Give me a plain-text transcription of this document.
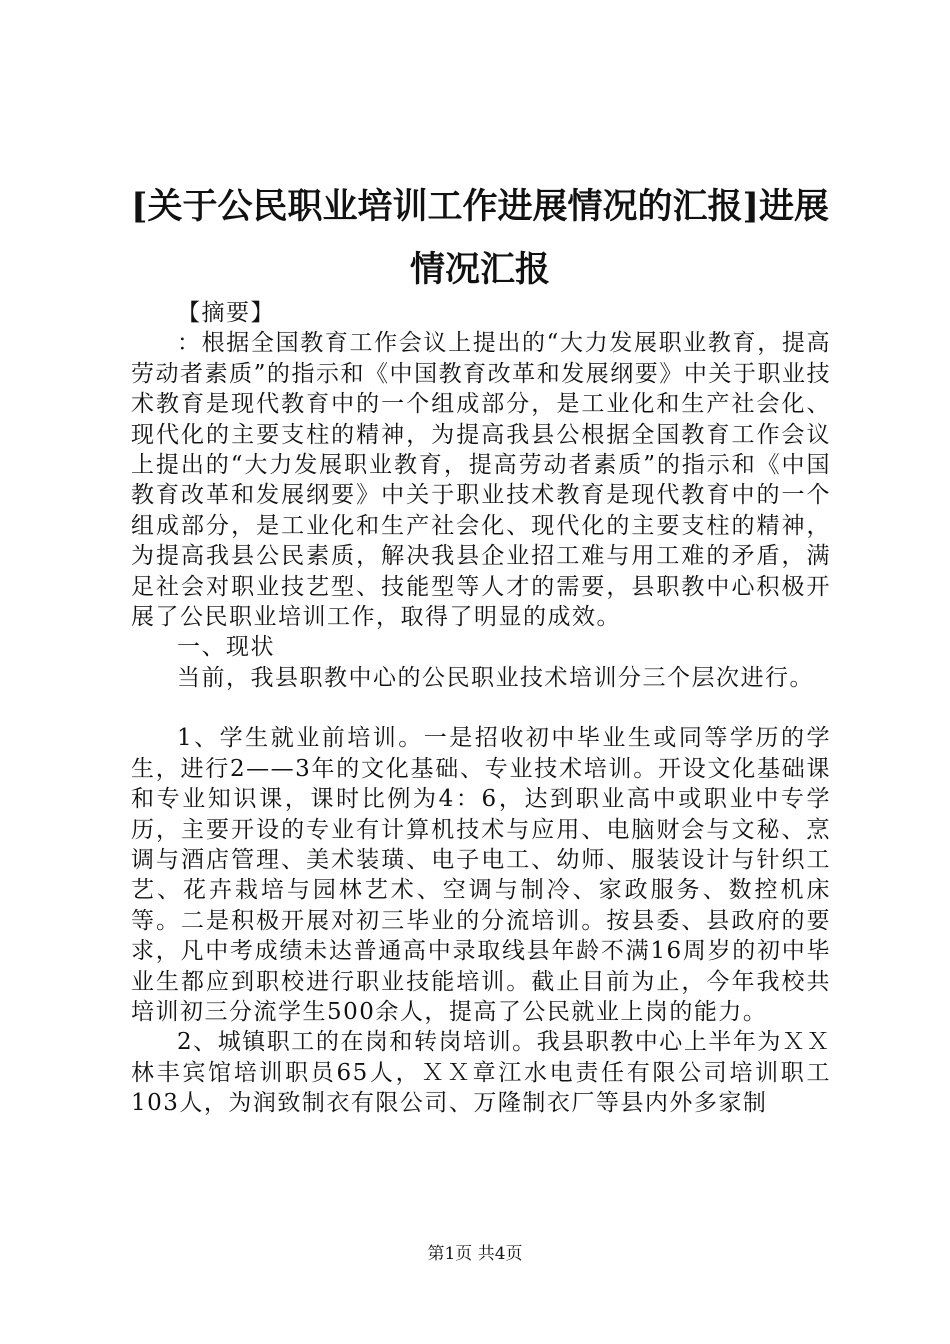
[关于公民职业培训工作进展情况的汇报]进展
情况汇报

【摘要】

：根据全国教育工作会议上提出的“大力发展职业教育，提高劳动者素质”的指示和《中国教育改革和发展纲要》中关于职业技术教育是现代教育中的一个组成部分，是工业化和生产社会化、现代化的主要支柱的精神，为提高我县公根据全国教育工作会议上提出的“大力发展职业教育，提高劳动者素质”的指示和《中国教育改革和发展纲要》中关于职业技术教育是现代教育中的一个组成部分，是工业化和生产社会化、现代化的主要支柱的精神，为提高我县公民素质，解决我县企业招工难与用工难的矛盾，满足社会对职业技艺型、技能型等人才的需要，县职教中心积极开展了公民职业培训工作，取得了明显的成效。

一、现状

当前，我县职教中心的公民职业技术培训分三个层次进行。

1、学生就业前培训。一是招收初中毕业生或同等学历的学生，进行2——3年的文化基础、专业技术培训。开设文化基础课和专业知识课，课时比例为4：6，达到职业高中或职业中专学历，主要开设的专业有计算机技术与应用、电脑财会与文秘、烹调与酒店管理、美术装璜、电子电工、幼师、服装设计与针织工艺、花卉栽培与园林艺术、空调与制冷、家政服务、数控机床等。二是积极开展对初三毕业的分流培训。按县委、县政府的要求，凡中考成绩未达普通高中录取线县年龄不满16周岁的初中毕业生都应到职校进行职业技能培训。截止目前为止，今年我校共培训初三分流学生500余人，提高了公民就业上岗的能力。

2、城镇职工的在岗和转岗培训。我县职教中心上半年为ＸＸ林丰宾馆培训职员65人，ＸＸ章江水电责任有限公司培训职工103人，为润致制衣有限公司、万隆制衣厂等县内外多家制

第1页 共4页
